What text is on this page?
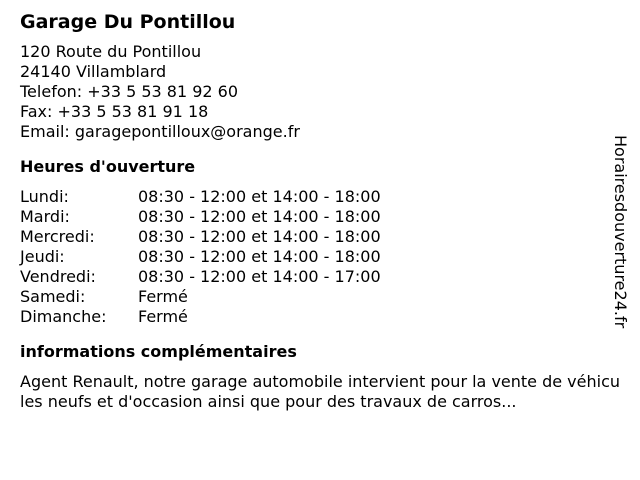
Garage Du Pontillou
120 Route du Pontillou
24140 Villamblard
Telefon: +33 5 53 81 92 60
Fax: +33 5 53 81 91 18
Email: garagepontilloux@orange.fr
Heures d'ouverture
Lundi:	08:30 - 12:00 et 14:00 - 18:00
Mardi:	08:30 - 12:00 et 14:00 - 18:00
Mercredi:	08:30 - 12:00 et 14:00 - 18:00
Jeudi:	08:30 - 12:00 et 14:00 - 18:00
Vendredi:	08:30 - 12:00 et 14:00 - 17:00
Samedi:	Fermé
Dimanche:	Fermé
informations complémentaires
Agent Renault, notre garage automobile intervient pour la vente de véhicules neufs et d'occasion ainsi que pour des travaux de carros...
Horairesdouverture24.fr
